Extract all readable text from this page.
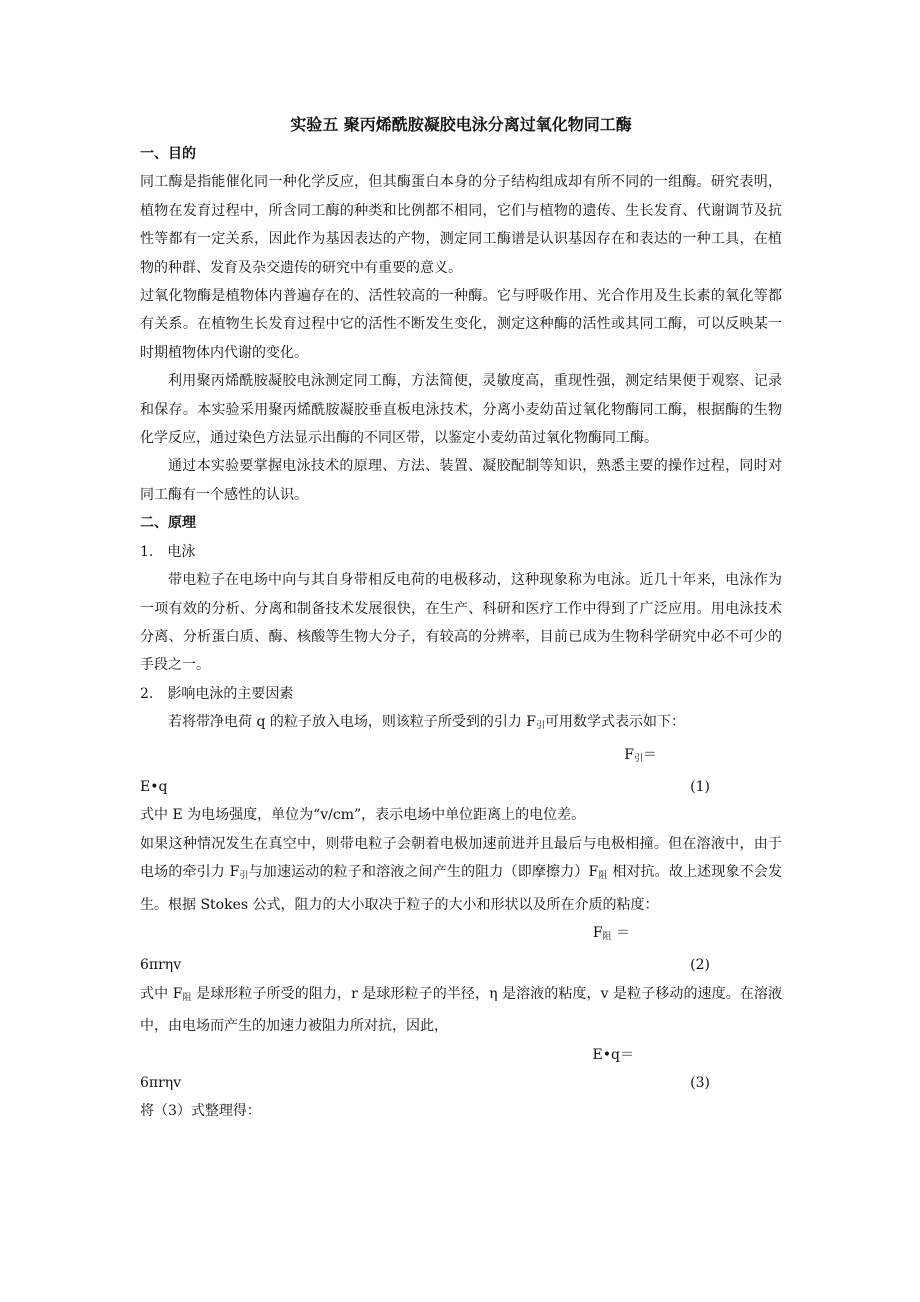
实验五 聚丙烯酰胺凝胶电泳分离过氧化物同工酶
一、目的

同工酶是指能催化同一种化学反应，但其酶蛋白本身的分子结构组成却有所不同的一组酶。研究表明，植物在发育过程中，所含同工酶的种类和比例都不相同，它们与植物的遗传、生长发育、代谢调节及抗性等都有一定关系，因此作为基因表达的产物，测定同工酶谱是认识基因存在和表达的一种工具，在植物的种群、发育及杂交遗传的研究中有重要的意义。

过氧化物酶是植物体内普遍存在的、活性较高的一种酶。它与呼吸作用、光合作用及生长素的氧化等都有关系。在植物生长发育过程中它的活性不断发生变化，测定这种酶的活性或其同工酶，可以反映某一时期植物体内代谢的变化。

利用聚丙烯酰胺凝胶电泳测定同工酶，方法简便，灵敏度高，重现性强，测定结果便于观察、记录和保存。本实验采用聚丙烯酰胺凝胶垂直板电泳技术，分离小麦幼苗过氧化物酶同工酶，根据酶的生物化学反应，通过染色方法显示出酶的不同区带，以鉴定小麦幼苗过氧化物酶同工酶。

通过本实验要掌握电泳技术的原理、方法、装置、凝胶配制等知识，熟悉主要的操作过程，同时对同工酶有一个感性的认识。

二、原理

1.　电泳

带电粒子在电场中向与其自身带相反电荷的电极移动，这种现象称为电泳。近几十年来，电泳作为一项有效的分析、分离和制备技术发展很快，在生产、科研和医疗工作中得到了广泛应用。用电泳技术分离、分析蛋白质、酶、核酸等生物大分子，有较高的分辨率，目前已成为生物科学研究中必不可少的手段之一。

2.　影响电泳的主要因素

若将带净电荷 q 的粒子放入电场，则该粒子所受到的引力 $F_引$可用数学式表示如下：

$F_引=$

E•q	(1)

式中 E 为电场强度，单位为“v/cm”，表示电场中单位距离上的电位差。

如果这种情况发生在真空中，则带电粒子会朝着电极加速前进并且最后与电极相撞。但在溶液中，由于电场的牵引力 $F_引$与加速运动的粒子和溶液之间产生的阻力（即摩擦力）$F_阻$ 相对抗。故上述现象不会发生。根据 Stokes 公式，阻力的大小取决于粒子的大小和形状以及所在介质的粘度：

$F_阻$ ＝

6πrηv	(2)

式中 $F_阻$ 是球形粒子所受的阻力，r 是球形粒子的半径，η 是溶液的粘度，v 是粒子移动的速度。在溶液中，由电场而产生的加速力被阻力所对抗，因此，

E•q＝

6πrηv	(3)

将（3）式整理得：
